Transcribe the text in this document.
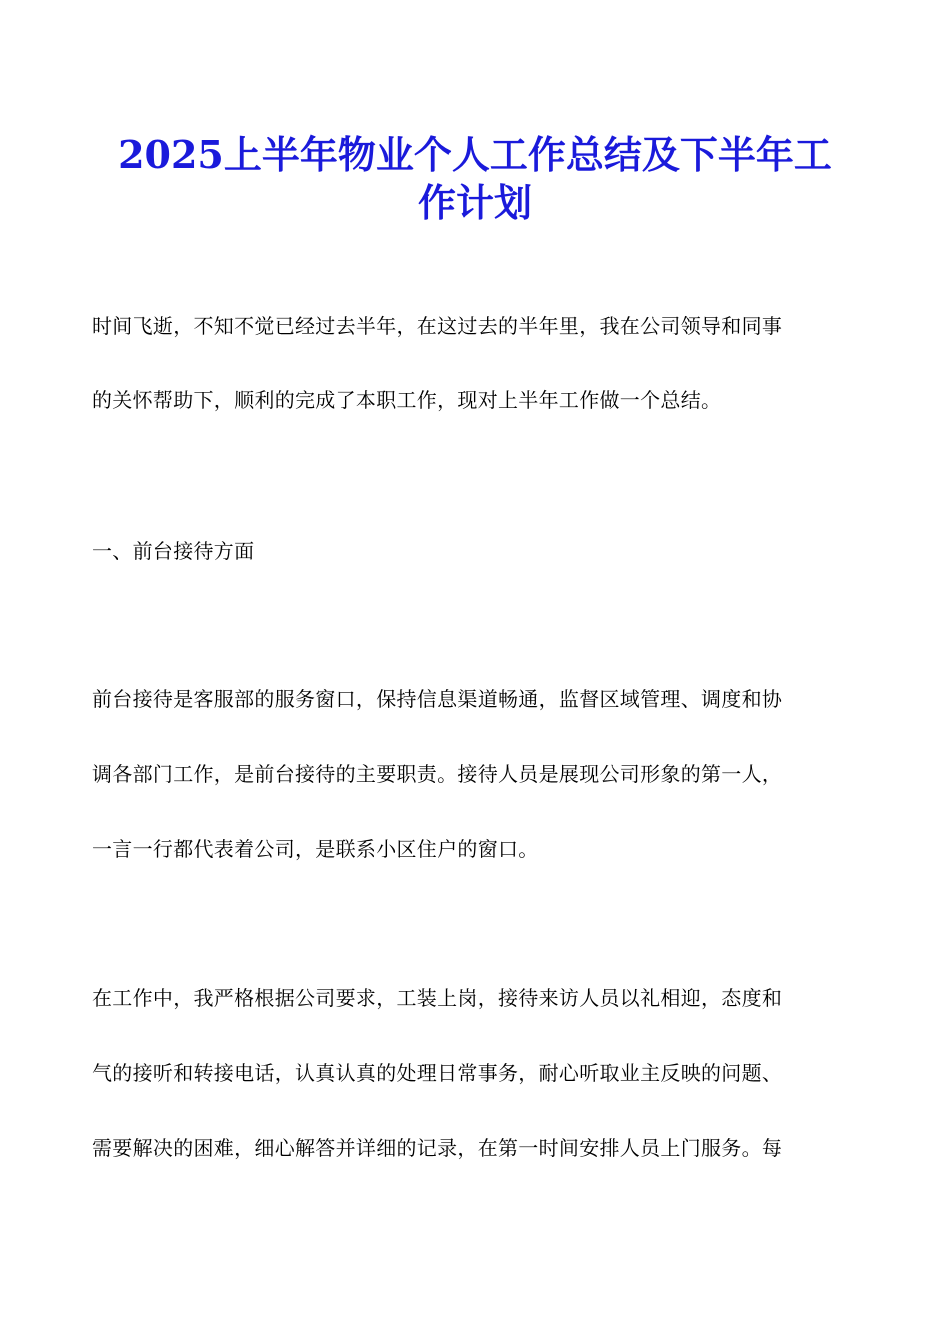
2025上半年物业个人工作总结及下半年工
作计划
时间飞逝，不知不觉已经过去半年，在这过去的半年里，我在公司领导和同事
的关怀帮助下，顺利的完成了本职工作，现对上半年工作做一个总结。
一、前台接待方面
前台接待是客服部的服务窗口，保持信息渠道畅通，监督区域管理、调度和协
调各部门工作，是前台接待的主要职责。接待人员是展现公司形象的第一人，
一言一行都代表着公司，是联系小区住户的窗口。
在工作中，我严格根据公司要求，工装上岗，接待来访人员以礼相迎，态度和
气的接听和转接电话，认真认真的处理日常事务，耐心听取业主反映的问题、
需要解决的困难，细心解答并详细的记录，在第一时间安排人员上门服务。每
